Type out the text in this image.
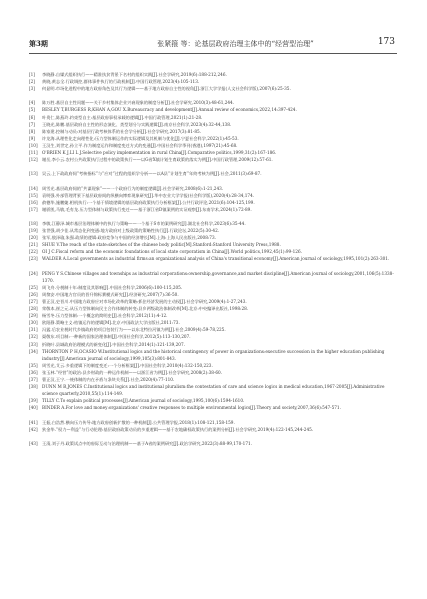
第3期	张紧箍 等：论基层政府治理主体中的“经营型治理”	173
[1] 李晓静.自媒式组织执行——精准扶贫背景下名村的组织实践[J].社会学研究,2019(6):188-212,246.
[2] 黄晓,黄志全.行政调控,群体事件执行的行政机制[J].中国行政管理,2023(4):105-113.
[3] 何显明.市场化进程中的地方政府角色及其行为逻辑——基于地方政府自主性的视角[J].浙江大学学报(人文社会科学版),2007(6):25-35.
[4] 陈万胜.基层自主性问题——关于乡村集体企业兴衰现象的制度分析[J].社会学研究,2010(3):48-61,244.
[5] BESLEY T,BURGESS R,KHAN A,GOU X.Bureaucracy and development[J].Annual review of economics,2022,14:397-424.
[6] 叶贵仁,陈燕玲.约束型自主:基层政府事权承载的逻辑[J].中国行政管理,2021(1):21-28.
[7] 王晓光,陈鹏.基层政府自主性的形态演化、类型划分与实践逻辑[J].南京社会科学,2023(4):32-44,138.
[8] 陈家建.控制与动员:对基层行政考核体系的社会学分析[J].社会学研究,2017(3):81-85.
[9] 许龙海.从理性化走向理性化:压力型体制运作的实际逻辑及其机制与优化[J].宁夏社会科学,2022(1):45-53.
[10] 王汉生,刘世定,孙立平.作为制度运作和制度变迁方式的变通[J].中国社会科学季刊(香港),1997(21):45-68.
[11] O'BRIEN K J,LI L J.Selective policy implementation in rural China[J].Comparative politics,1999,31(2):167-186.
[12] 谢岳,李小云.农村公共政策执行过程中的政策执行——以G省X镇计划生育政策的落实为例[J].中国行政管理,2009(12):57-61.
[13] 吴云,上下政政府间“考核指标”与“应对”过程的组织学分析——以A县“计划生育”年终考核为例[J].社会,2011(3):69-87.
[14] 周雪光.基层政府间的“共谋现象”——一个政府行为的制度逻辑[J].社会学研究,2008(6):1-21,243.
[15] 袁明强.外部管理背景下基层政府间的纵横向博弈现象研究[J].华中农业大学学报(社会科学版),2020(4):28-34,174.
[16] 俞德华,施鹏婕.相机执行:一个基于情境逻辑的基层政府政策执行分析框架[J].公共行政评论,2021(6):104-125,199.
[17] 谢骄凯,马敏,毛有龙.压力型体制与政策执行变迁——基于浙江省D镇案例的实证观察[J].东南学术,2024(1):72-89.
[18] 李敏,江静泽.城市基层治理体制中的执行与策略——一个基于S市的案例研究[J].湖北社会科学,2023(6):35-44.
[19] 张世强,胡少佳.从常态化到变通:地方政府对上级政策的策略性执行[J].行政论坛,2022(5):30-42.
[20] 张军,敖泽瑜,朱强.政绩的逻辑:政府竞争与中国的经济增长[M].上海:上海人民出版社,2008:73.
[21] SHUE V.The reach of the state:sketches of the chinese body politic[M].Stanford:Stanford University Press,1988.
[22] OI J C.Fiscal reform and the economic foundations of local state corporatism in China[J].World politics,1992,45(1):99-126.
[23] WALDER A.Local governments as industrial firms:an organizational analysis of China's transitional economy[J].American journal of sociology,1995,101(2):263-301.
[24] PENG Y S.Chinese villages and townships as industrial corporations:ownership,governance,and market discipline[J].American journal of sociology,2001,106(5):1338-1370.
[25] 周飞舟.分税制十年:制度及其影响[J].中国社会科学,2006(6):100-115,205.
[26] 周黎安.中国地方官员的晋升锦标赛模式研究[J].经济研究,2007(7):36-50.
[27] 曹正汉,史晋川.中国地方政府应对市场化改革的策略:抓住经济发展的主动权[J].社会学研究,2009(4):1-27,243.
[28] 荣敬本,崔之元.从压力型体制向民主合作体制的转变:县乡两级政治体制改革[M].北京:中央编译出版社,1998:28.
[29] 杨雪冬.压力型体制:一个概念的简明史[J].社会科学,2012(11):4-12.
[30] 欧阳静.策略主义:桔镇运作的逻辑[M].北京:中国政法大学出版社,2011:73.
[31] 冯猛.后农业税时代乡镇政府的项目包装行为——以东北特拉河镇为例[J].社会,2009(4):59-78,225.
[32] 渠敬东.项目制:一种新的国家治理体制[J].中国社会科学,2012(5):113-130,207.
[33] 折晓叶.县域政府治理模式的新变化[J].中国社会科学,2014(1):121-139,207.
[34] THORNTON P H,OCASIO W.Institutional logics and the historical contingency of power in organizations:executive succession in the higher education publishing industry[J].American journal of sociology,1999,105(3):801-843.
[35] 周雪光,艾云.多重逻辑下的制度变迁:一个分析框架[J].中国社会科学,2010(4):132-150,223.
[36] 张玉林.“经营”的政治:县乡财政的一种运作机制——以浙江省为例[J].社会学研究,2008(2):38-60.
[37] 曹正汉,王宁.一统体制的内在矛盾与条块关系[J].社会,2020(4):77-110.
[38] DUNN M B,JONES C.Institutional logics and institutional pluralism:the contestation of care and science logics in medical education,1967-2005[J].Administrative science quarterly,2010,55(1):114-149.
[39] TILLY C.To explain political processes[J].American journal of sociology,1995,100(6):1594-1610.
[40] BINDER A.For love and money:organizations' creative responses to multiple environmental logics[J].Theory and society,2007,36(6):547-571.
[41] 王振,白浩然.横向压力传导:地方政府创新扩散的一种机制[J].公共管理学报,2018(1):108-121,158-159.
[42] 狄金华.“权力—利益”与行动伦理:基层政府政策动员的多重逻辑——基于农地确权政策执行的案例分析[J].社会学研究,2019(4):122-145,244-245.
[43] 王清,刘子丹.政策试点中的府际互动与治理机制——基于A省的案例研究[J].政治学研究,2022(3):88-99,170-171.
